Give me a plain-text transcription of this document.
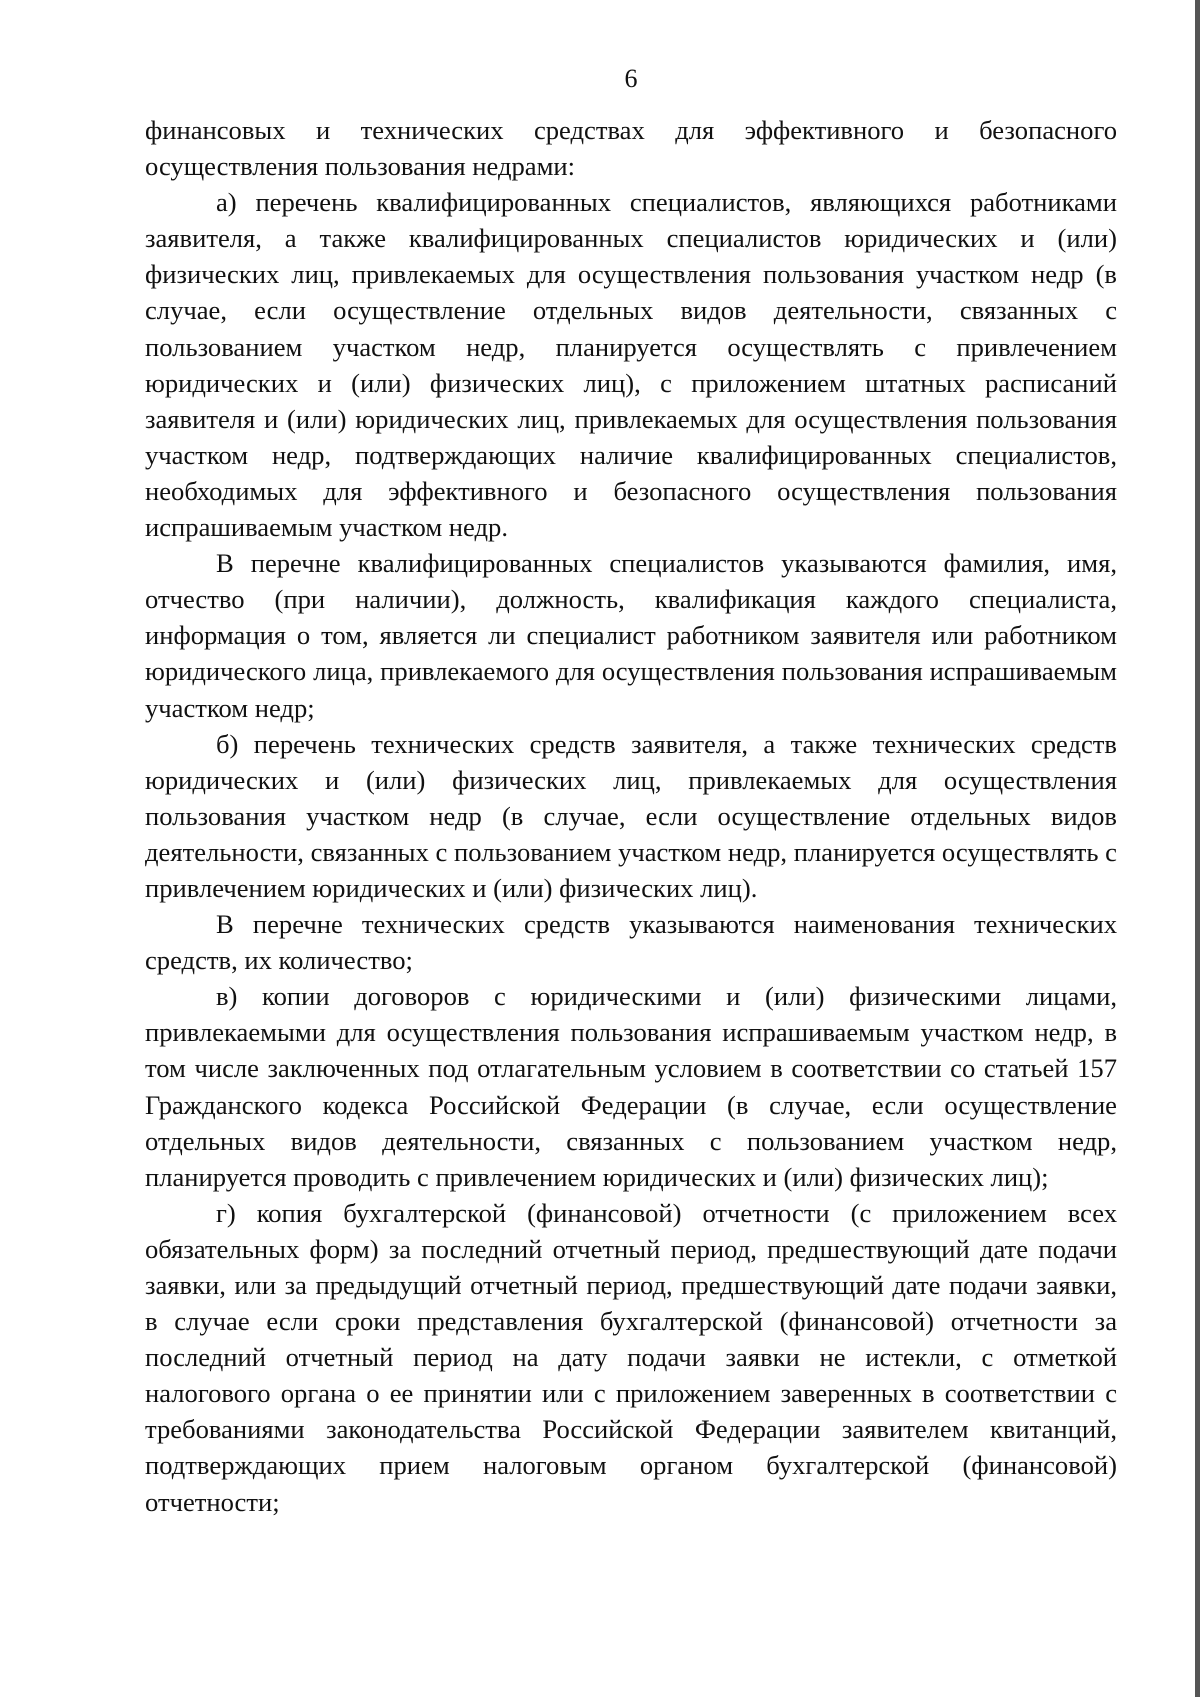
6

финансовых и технических средствах для эффективного и безопасного осуществления пользования недрами:

а) перечень квалифицированных специалистов, являющихся работниками заявителя, а также квалифицированных специалистов юридических и (или) физических лиц, привлекаемых для осуществления пользования участком недр (в случае, если осуществление отдельных видов деятельности, связанных с пользованием участком недр, планируется осуществлять с привлечением юридических и (или) физических лиц), с приложением штатных расписаний заявителя и (или) юридических лиц, привлекаемых для осуществления пользования участком недр, подтверждающих наличие квалифицированных специалистов, необходимых для эффективного и безопасного осуществления пользования испрашиваемым участком недр.

В перечне квалифицированных специалистов указываются фамилия, имя, отчество (при наличии), должность, квалификация каждого специалиста, информация о том, является ли специалист работником заявителя или работником юридического лица, привлекаемого для осуществления пользования испрашиваемым участком недр;

б) перечень технических средств заявителя, а также технических средств юридических и (или) физических лиц, привлекаемых для осуществления пользования участком недр (в случае, если осуществление отдельных видов деятельности, связанных с пользованием участком недр, планируется осуществлять с привлечением юридических и (или) физических лиц).

В перечне технических средств указываются наименования технических средств, их количество;

в) копии договоров с юридическими и (или) физическими лицами, привлекаемыми для осуществления пользования испрашиваемым участком недр, в том числе заключенных под отлагательным условием в соответствии со статьей 157 Гражданского кодекса Российской Федерации (в случае, если осуществление отдельных видов деятельности, связанных с пользованием участком недр, планируется проводить с привлечением юридических и (или) физических лиц);

г) копия бухгалтерской (финансовой) отчетности (с приложением всех обязательных форм) за последний отчетный период, предшествующий дате подачи заявки, или за предыдущий отчетный период, предшествующий дате подачи заявки, в случае если сроки представления бухгалтерской (финансовой) отчетности за последний отчетный период на дату подачи заявки не истекли, с отметкой налогового органа о ее принятии или с приложением заверенных в соответствии с требованиями законодательства Российской Федерации заявителем квитанций, подтверждающих прием налоговым органом бухгалтерской (финансовой) отчетности;
